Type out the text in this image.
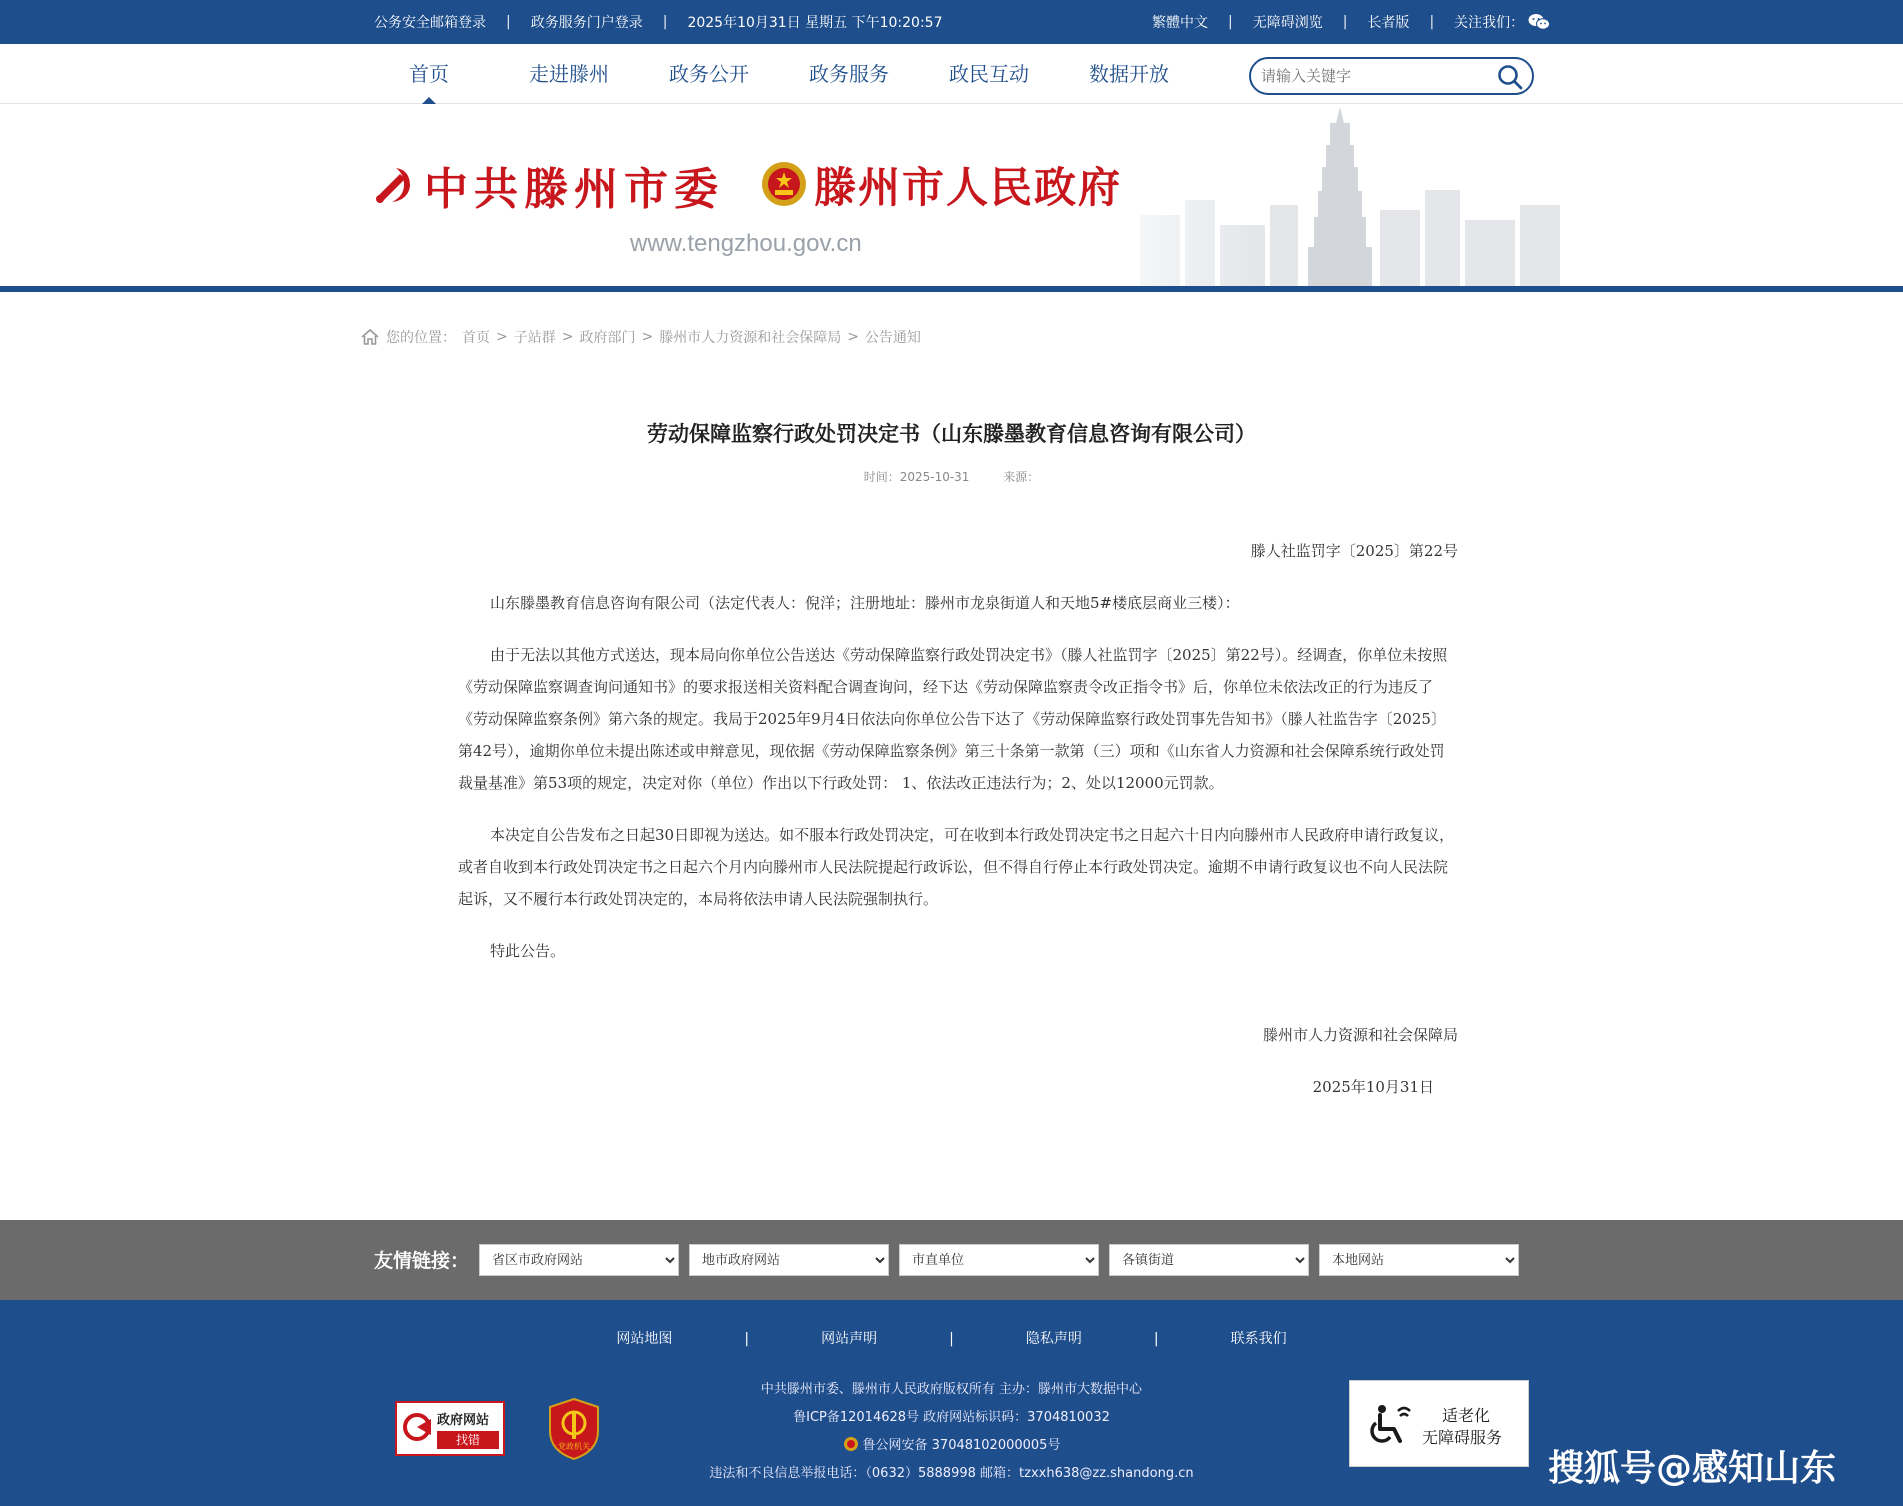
公务安全邮箱登录 | 政务服务门户登录 | 2025年10月31日 星期五 下午10:20:57	繁體中文 | 无障碍浏览 | 长者版 | 关注我们：
首页	走进滕州	政务公开	政务服务	政民互动	数据开放
请输入关键字
中共滕州市委 滕州市人民政府
www.tengzhou.gov.cn
您的位置： 首页 > 子站群 > 政府部门 > 滕州市人力资源和社会保障局 > 公告通知
劳动保障监察行政处罚决定书（山东滕墨教育信息咨询有限公司）
时间：2025-10-31	来源：

滕人社监罚字〔2025〕第22号

山东滕墨教育信息咨询有限公司（法定代表人：倪洋；注册地址：滕州市龙泉街道人和天地5#楼底层商业三楼）：

由于无法以其他方式送达，现本局向你单位公告送达《劳动保障监察行政处罚决定书》（滕人社监罚字〔2025〕第22号）。经调查，你单位未按照《劳动保障监察调查询问通知书》的要求报送相关资料配合调查询问，经下达《劳动保障监察责令改正指令书》后，你单位未依法改正的行为违反了《劳动保障监察条例》第六条的规定。我局于2025年9月4日依法向你单位公告下达了《劳动保障监察行政处罚事先告知书》（滕人社监告字〔2025〕第42号），逾期你单位未提出陈述或申辩意见，现依据《劳动保障监察条例》第三十条第一款第（三）项和《山东省人力资源和社会保障系统行政处罚裁量基准》第53项的规定，决定对你（单位）作出以下行政处罚： 1、依法改正违法行为；2、处以12000元罚款。

本决定自公告发布之日起30日即视为送达。如不服本行政处罚决定，可在收到本行政处罚决定书之日起六十日内向滕州市人民政府申请行政复议，或者自收到本行政处罚决定书之日起六个月内向滕州市人民法院提起行政诉讼，但不得自行停止本行政处罚决定。逾期不申请行政复议也不向人民法院起诉，又不履行本行政处罚决定的，本局将依法申请人民法院强制执行。

特此公告。

滕州市人力资源和社会保障局

2025年10月31日

友情链接：
省区市政府网站
地市政府网站
市直单位
各镇街道
本地网站
网站地图	|	网站声明	|	隐私声明	|	联系我们
中共滕州市委、滕州市人民政府版权所有 主办：滕州市大数据中心
鲁ICP备12014628号 政府网站标识码：3704810032
鲁公网安备 37048102000005号
违法和不良信息举报电话：（0632）5888998 邮箱：tzxxh638@zz.shandong.cn
政府网站
找错	党政机关
适老化
无障碍服务
搜狐号@感知山东
